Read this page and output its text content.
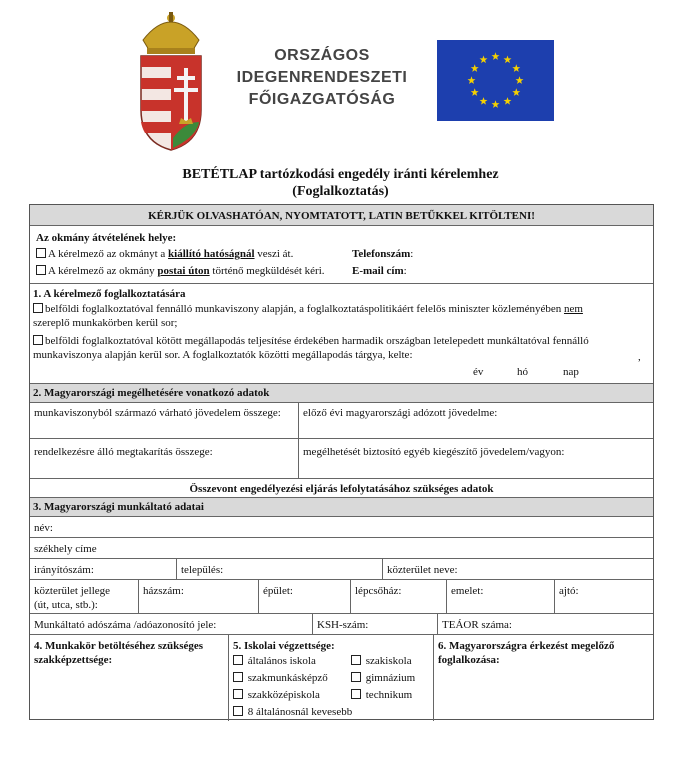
ORSZÁGOS
IDEGENRENDESZETI
FŐIGAZGATÓSÁG
BETÉTLAP tartózkodási engedély iránti kérelemhez
(Foglalkoztatás)
KÉRJÜK OLVASHATÓAN, NYOMTATOTT, LATIN BETŰKKEL KITÖLTENI!
Az okmány átvételének helye:
A kérelmező az okmányt a kiállító hatóságnál veszi át.
A kérelmező az okmány postai úton történő megküldését kéri.
Telefonszám:
E-mail cím:
1. A kérelmező foglalkoztatására
belföldi foglalkoztatóval fennálló munkaviszony alapján, a foglalkoztatáspolitikáért felelős miniszter közleményében nem
szereplő munkakörben kerül sor;
belföldi foglalkoztatóval kötött megállapodás teljesítése érdekében harmadik országban letelepedett munkáltatóval fennálló
munkaviszonya alapján kerül sor. A foglalkoztatók közötti megállapodás tárgya, kelte:	,
év	hó	nap
2. Magyarországi megélhetésére vonatkozó adatok
munkaviszonyból származó várható jövedelem összege:	előző évi magyarországi adózott jövedelme:
rendelkezésre álló megtakarítás összege:	megélhetését biztosító egyéb kiegészítő jövedelem/vagyon:
Összevont engedélyezési eljárás lefolytatásához szükséges adatok
3. Magyarországi munkáltató adatai
név:
székhely címe
irányítószám:	település:	közterület neve:
közterület jellege
(út, utca, stb.):
házszám:	épület:	lépcsőház:	emelet:	ajtó:
Munkáltató adószáma /adóazonosító jele:	KSH-szám:	TEÁOR száma:
4. Munkakör betöltéséhez szükséges
szakképzettsége:
5. Iskolai végzettsége:
általános iskola	szakiskola
szakmunkásképző	gimnázium
szakközépiskola	technikum
8 általánosnál kevesebb
6. Magyarországra érkezést megelőző
foglalkozása:
